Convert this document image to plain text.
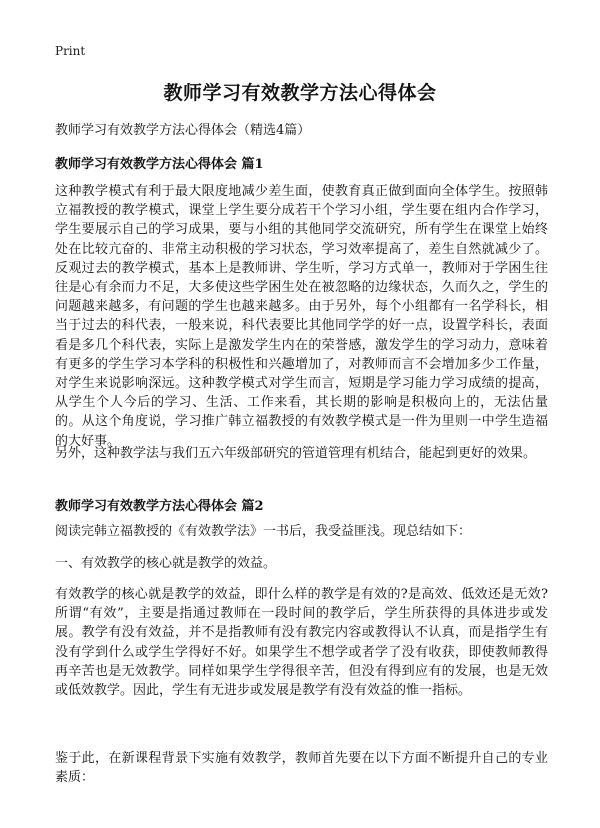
Print
教师学习有效教学方法心得体会
教师学习有效教学方法心得体会（精选4篇）
教师学习有效教学方法心得体会 篇1

这种教学模式有利于最大限度地减少差生面，使教育真正做到面向全体学生。按照韩立福教授的教学模式，课堂上学生要分成若干个学习小组，学生要在组内合作学习，学生要展示自己的学习成果，要与小组的其他同学交流研究，所有学生在课堂上始终处在比较亢奋的、非常主动积极的学习状态，学习效率提高了，差生自然就减少了。反观过去的教学模式，基本上是教师讲、学生听，学习方式单一，教师对于学困生往往是心有余而力不足，大多使这些学困生处在被忽略的边缘状态，久而久之，学生的问题越来越多，有问题的学生也越来越多。由于另外，每个小组都有一名学科长，相当于过去的科代表，一般来说，科代表要比其他同学学的好一点，设置学科长，表面看是多几个科代表，实际上是激发学生内在的荣誉感，激发学生的学习动力，意味着有更多的学生学习本学科的积极性和兴趣增加了，对教师而言不会增加多少工作量，对学生来说影响深远。这种教学模式对学生而言，短期是学习能力学习成绩的提高，从学生个人今后的学习、生活、工作来看，其长期的影响是积极向上的，无法估量的。从这个角度说，学习推广韩立福教授的有效教学模式是一件为里则一中学生造福的大好事。

另外，这种教学法与我们五六年级部研究的管道管理有机结合，能起到更好的效果。

教师学习有效教学方法心得体会 篇2

阅读完韩立福教授的《有效教学法》一书后，我受益匪浅。现总结如下：

一、有效教学的核心就是教学的效益。

有效教学的核心就是教学的效益，即什么样的教学是有效的?是高效、低效还是无效?所谓“有效”，主要是指通过教师在一段时间的教学后，学生所获得的具体进步或发展。教学有没有效益，并不是指教师有没有教完内容或教得认不认真，而是指学生有没有学到什么或学生学得好不好。如果学生不想学或者学了没有收获，即使教师教得再辛苦也是无效教学。同样如果学生学得很辛苦，但没有得到应有的发展，也是无效或低效教学。因此，学生有无进步或发展是教学有没有效益的惟一指标。

鉴于此，在新课程背景下实施有效教学，教师首先要在以下方面不断提升自己的专业素质：
